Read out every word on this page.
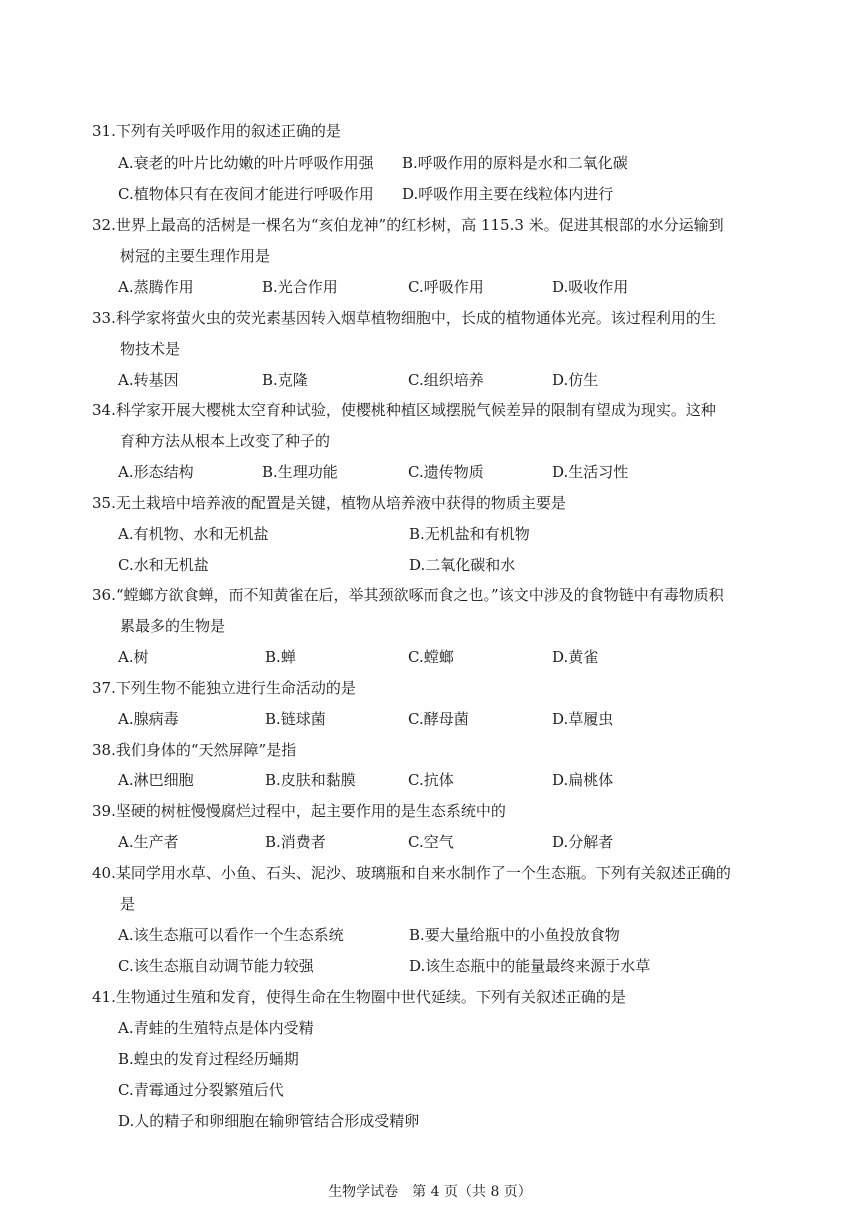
31.下列有关呼吸作用的叙述正确的是
A.衰老的叶片比幼嫩的叶片呼吸作用强 B.呼吸作用的原料是水和二氧化碳
C.植物体只有在夜间才能进行呼吸作用 D.呼吸作用主要在线粒体内进行
32.世界上最高的活树是一棵名为“亥伯龙神”的红杉树，高 115.3 米。促进其根部的水分运输到
树冠的主要生理作用是
A.蒸腾作用	B.光合作用	C.呼吸作用	D.吸收作用
33.科学家将萤火虫的荧光素基因转入烟草植物细胞中，长成的植物通体光亮。该过程利用的生
物技术是
A.转基因	B.克隆	C.组织培养	D.仿生
34.科学家开展大樱桃太空育种试验，使樱桃种植区域摆脱气候差异的限制有望成为现实。这种
育种方法从根本上改变了种子的
A.形态结构	B.生理功能	C.遗传物质	D.生活习性
35.无土栽培中培养液的配置是关键，植物从培养液中获得的物质主要是
A.有机物、水和无机盐	B.无机盐和有机物
C.水和无机盐	D.二氧化碳和水
36.“螳螂方欲食蝉，而不知黄雀在后，举其颈欲啄而食之也。”该文中涉及的食物链中有毒物质积
累最多的生物是
A.树	B.蝉	C.螳螂	D.黄雀
37.下列生物不能独立进行生命活动的是
A.腺病毒	B.链球菌	C.酵母菌	D.草履虫
38.我们身体的“天然屏障”是指
A.淋巴细胞	B.皮肤和黏膜	C.抗体	D.扁桃体
39.坚硬的树桩慢慢腐烂过程中，起主要作用的是生态系统中的
A.生产者	B.消费者	C.空气	D.分解者
40.某同学用水草、小鱼、石头、泥沙、玻璃瓶和自来水制作了一个生态瓶。下列有关叙述正确的
是
A.该生态瓶可以看作一个生态系统	B.要大量给瓶中的小鱼投放食物
C.该生态瓶自动调节能力较强	D.该生态瓶中的能量最终来源于水草
41.生物通过生殖和发育，使得生命在生物圈中世代延续。下列有关叙述正确的是
A.青蛙的生殖特点是体内受精
B.蝗虫的发育过程经历蛹期
C.青霉通过分裂繁殖后代
D.人的精子和卵细胞在输卵管结合形成受精卵
生物学试卷　第 4 页（共 8 页）
